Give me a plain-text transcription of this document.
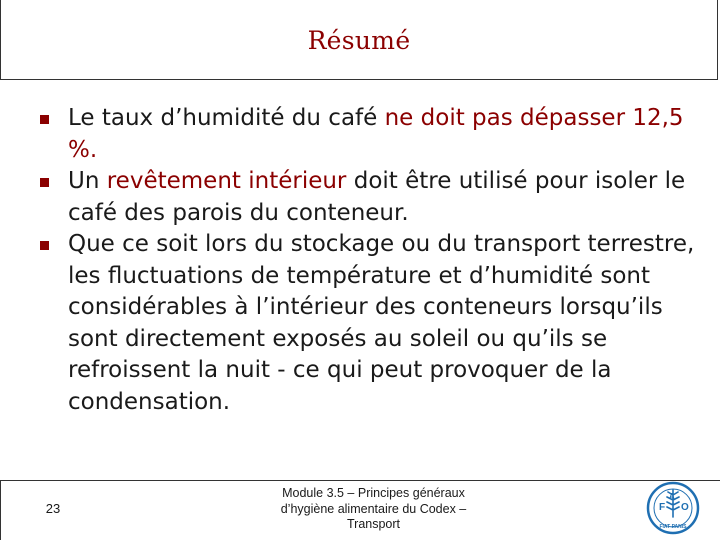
Résumé
Le taux d’humidité du café ne doit pas dépasser 12,5 %.
Un revêtement intérieur doit être utilisé pour isoler le café des parois du conteneur.
Que ce soit lors du stockage ou du transport terrestre, les fluctuations de température et d’humidité sont considérables à l’intérieur des conteneurs lorsqu’ils sont directement exposés au soleil ou qu’ils se refroissent la nuit - ce qui peut provoquer de la condensation.
23
Module 3.5 – Principes généraux
d’hygiène alimentaire du Codex –
Transport
F
A
O
FIAT PANIS
